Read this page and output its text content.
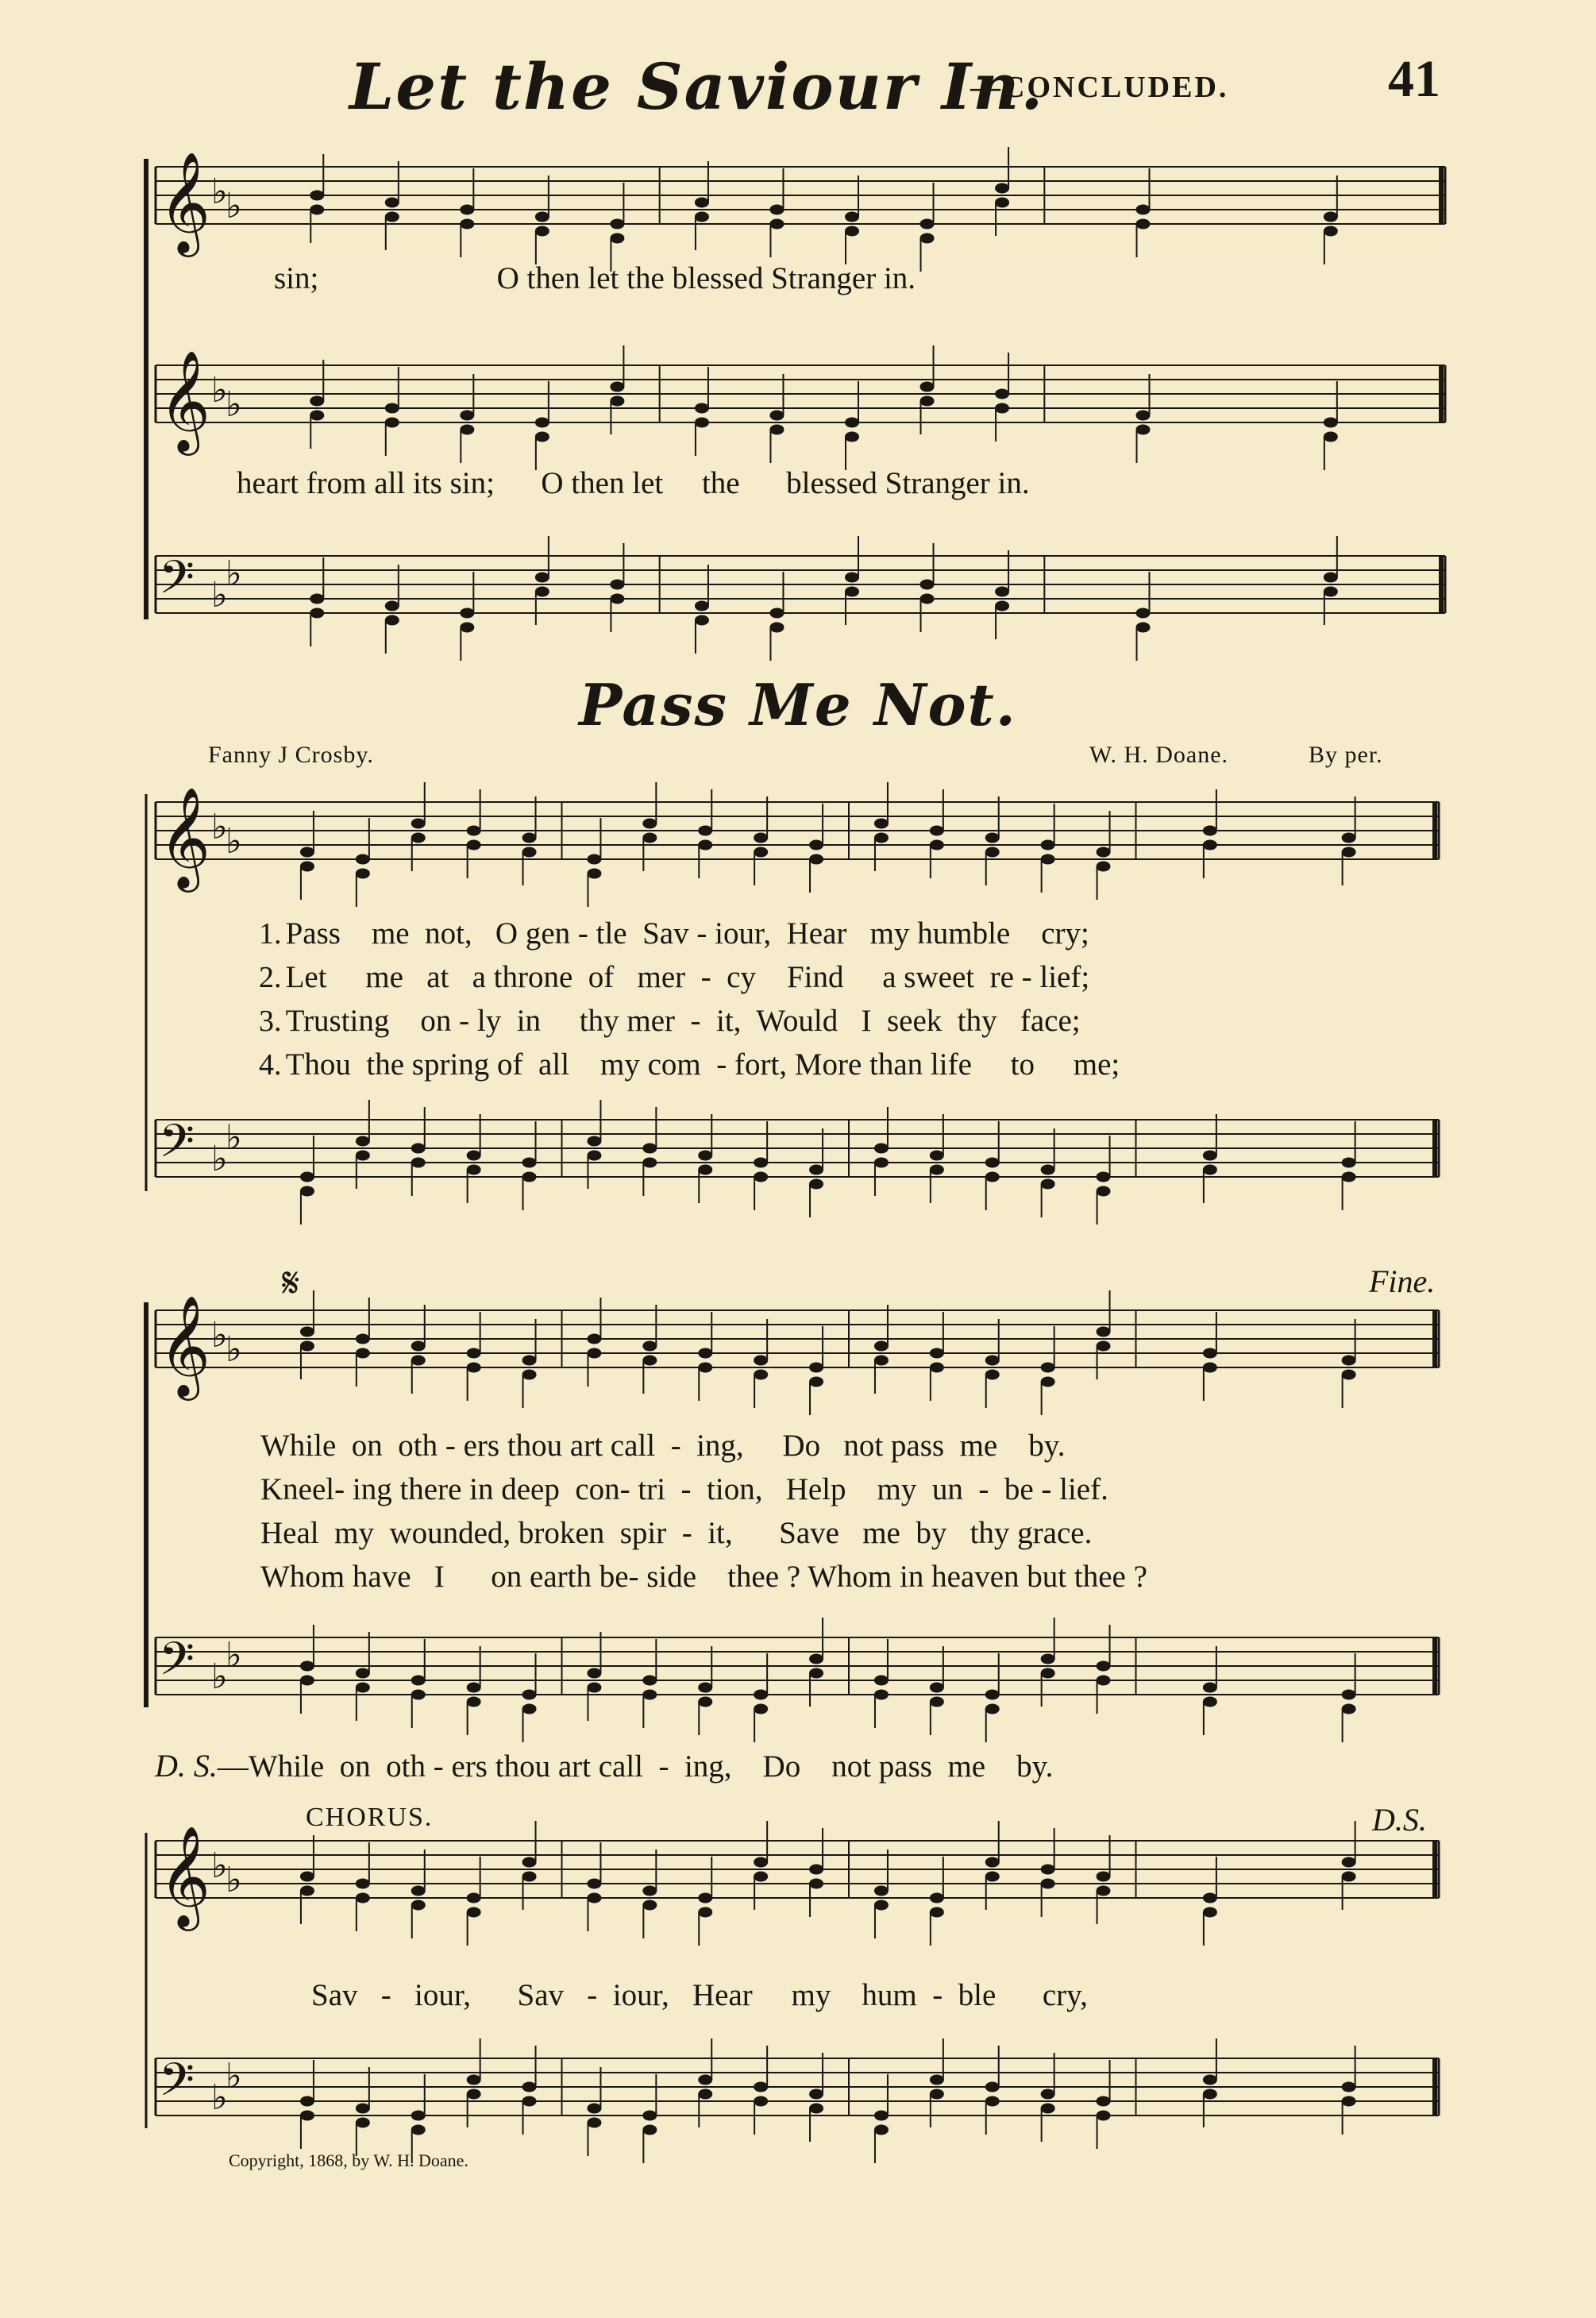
Let the Saviour In.
—CONCLUDED.	41
𝄞 ♭
♭
𝄞 ♭
♭
𝄢 ♭
♭
𝄞 ♭
♭
𝄢 ♭
♭
𝄞 ♭
♭
𝄢 ♭
♭
𝄞 ♭
♭
𝄢 ♭
♭
sin;                       O then let the blessed Stranger in.
heart from all its sin;      O then let     the      blessed Stranger in.
Pass Me Not.
Fanny J Crosby.	W. H. Doane.	By per.
1. Pass    me  not,   O gen - tle  Sav - iour,  Hear   my humble    cry;
2. Let     me   at   a throne  of   mer  -  cy    Find     a sweet  re - lief;
3. Trusting    on - ly  in     thy mer  -  it,  Would   I  seek  thy   face;
4. Thou  the spring of  all    my com  - fort, More than life     to     me;
𝄋	Fine.
While  on  oth - ers thou art call  -  ing,     Do   not pass  me    by.
Kneel- ing there in deep  con- tri  -  tion,   Help    my  un  -  be - lief.
Heal  my  wounded, broken  spir  -  it,      Save   me  by   thy grace.
Whom have   I      on earth be- side    thee ? Whom in heaven but thee ?
D. S.—While  on  oth - ers thou art call  -  ing,    Do    not pass  me    by.
CHORUS.	D.S.
Sav   -   iour,      Sav   -  iour,   Hear     my    hum  -  ble      cry,
Copyright, 1868, by W. H. Doane.
